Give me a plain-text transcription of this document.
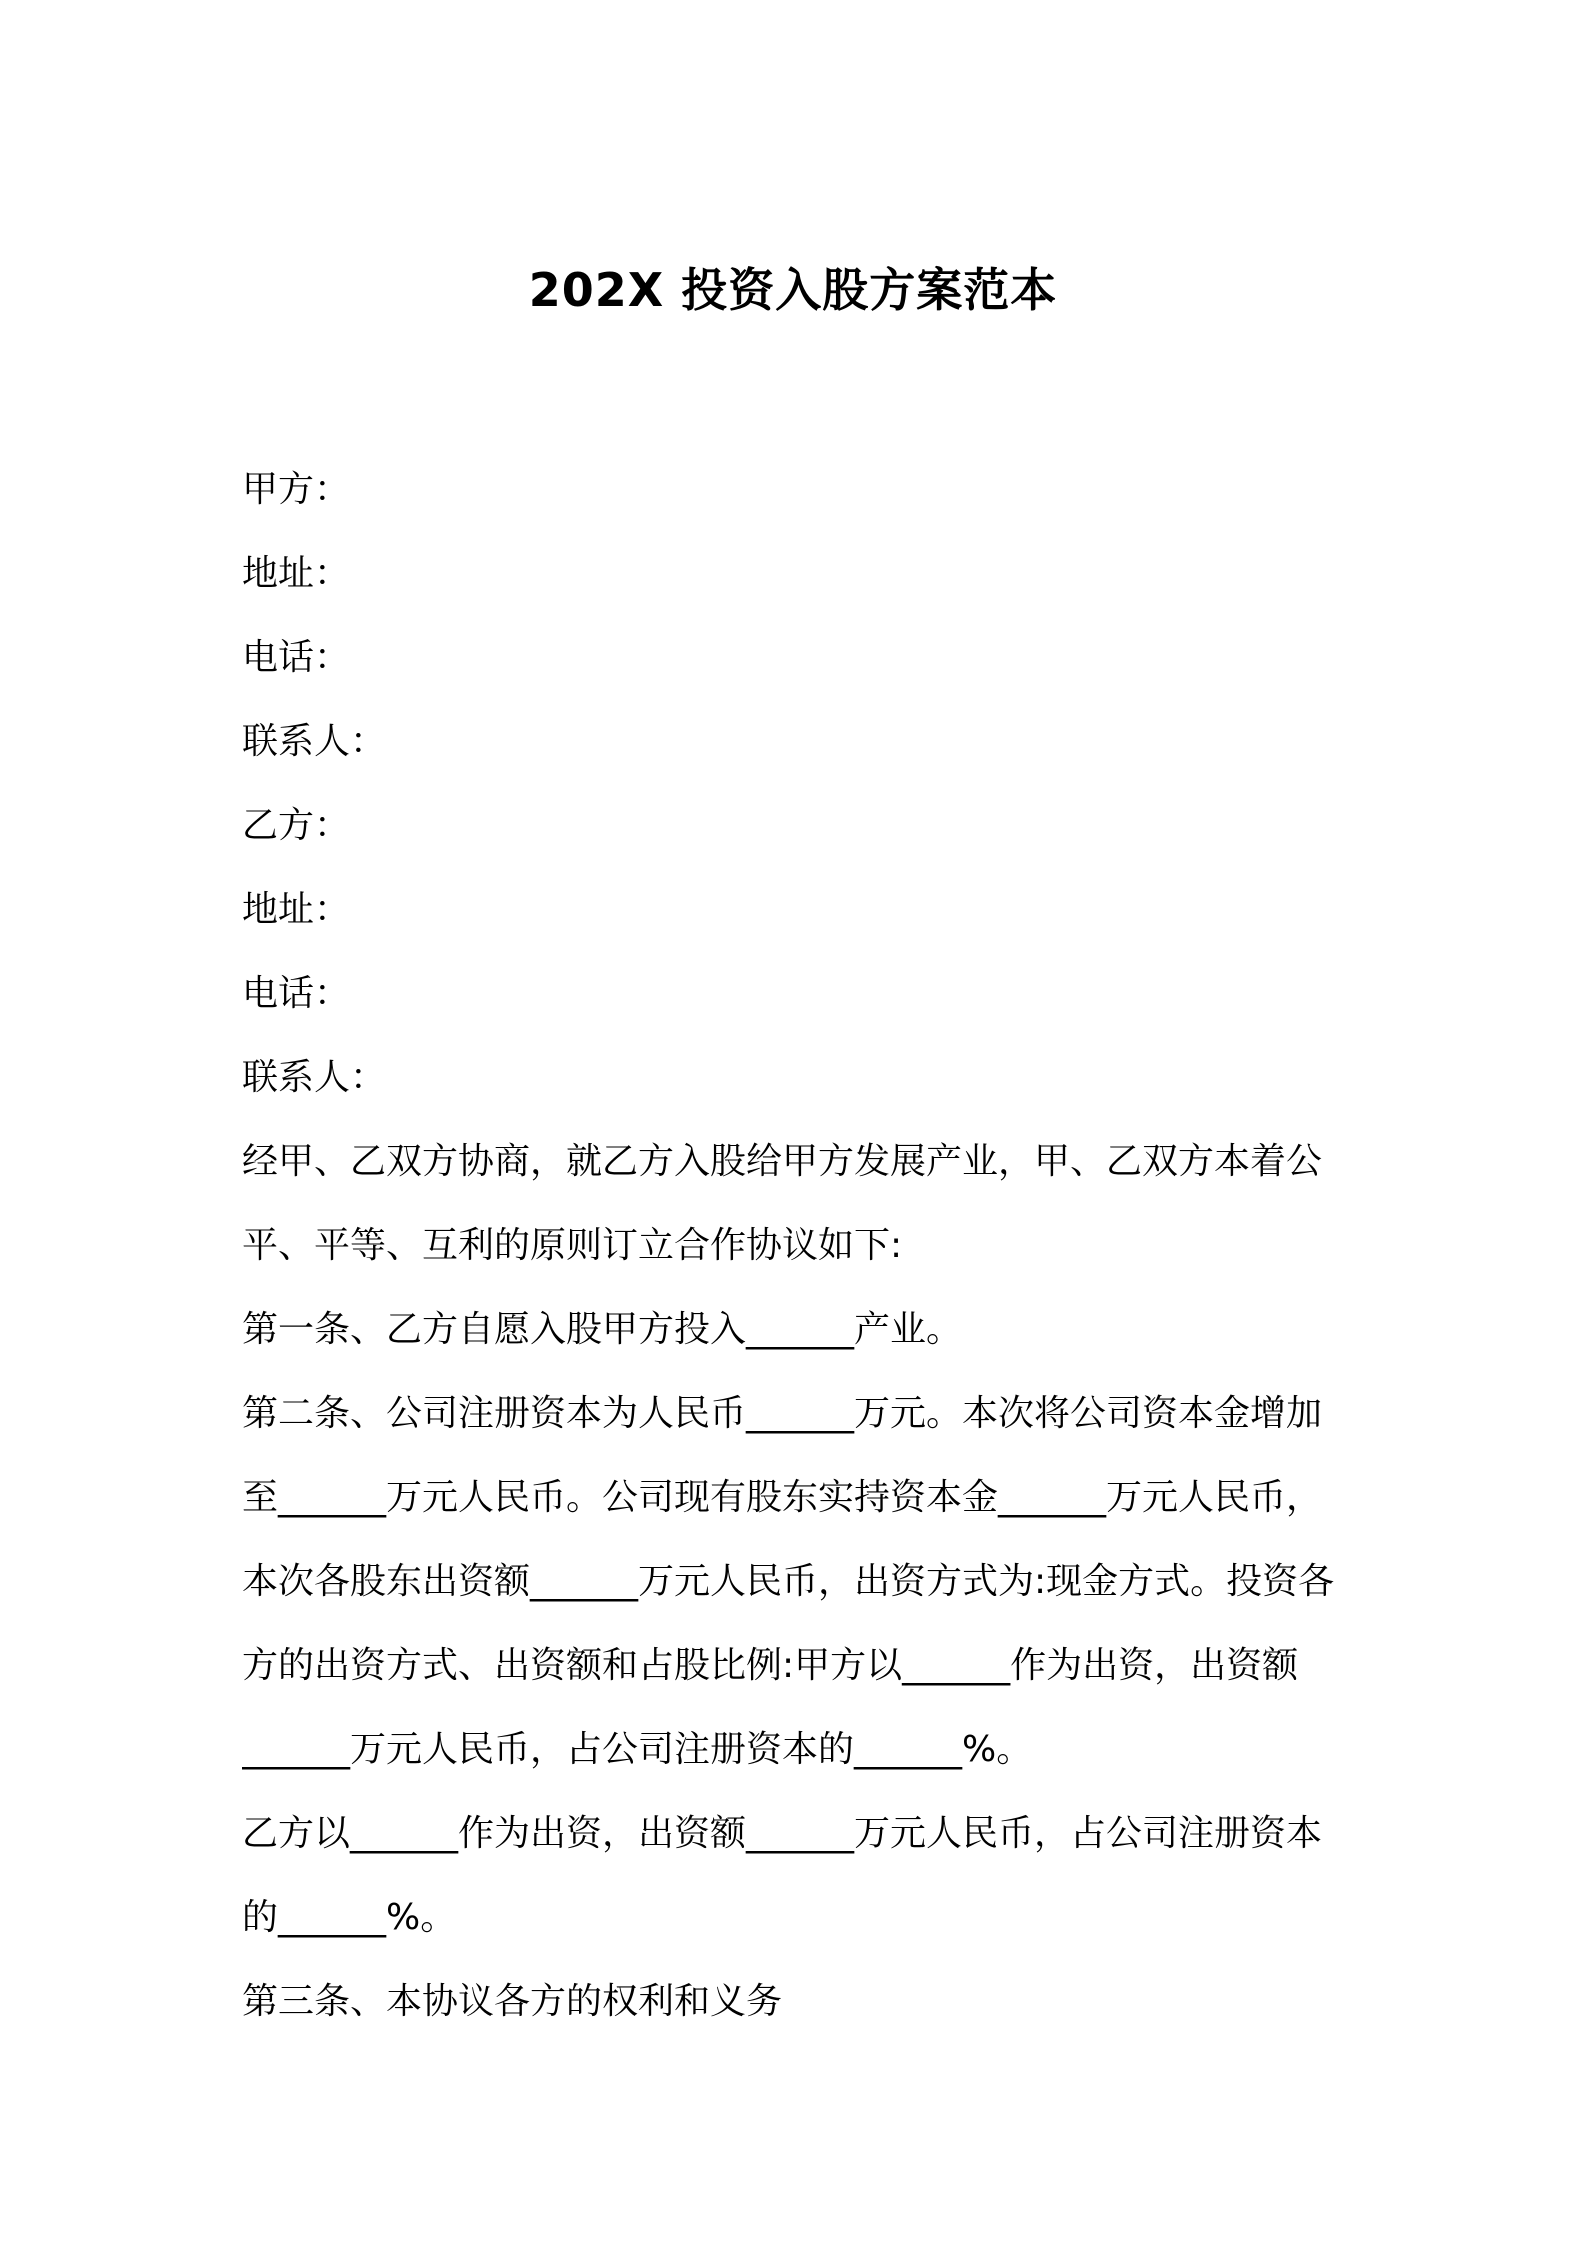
202X 投资入股方案范本
甲方：
地址：
电话：
联系人：
乙方：
地址：
电话：
联系人：
经甲、乙双方协商，就乙方入股给甲方发展产业，甲、乙双方本着公
平、平等、互利的原则订立合作协议如下:
第一条、乙方自愿入股甲方投入______产业。
第二条、公司注册资本为人民币______万元。本次将公司资本金增加
至______万元人民币。公司现有股东实持资本金______万元人民币，
本次各股东出资额______万元人民币，出资方式为:现金方式。投资各
方的出资方式、出资额和占股比例:甲方以______作为出资，出资额
______万元人民币，占公司注册资本的______%。
乙方以______作为出资，出资额______万元人民币，占公司注册资本
的______%。
第三条、本协议各方的权利和义务
